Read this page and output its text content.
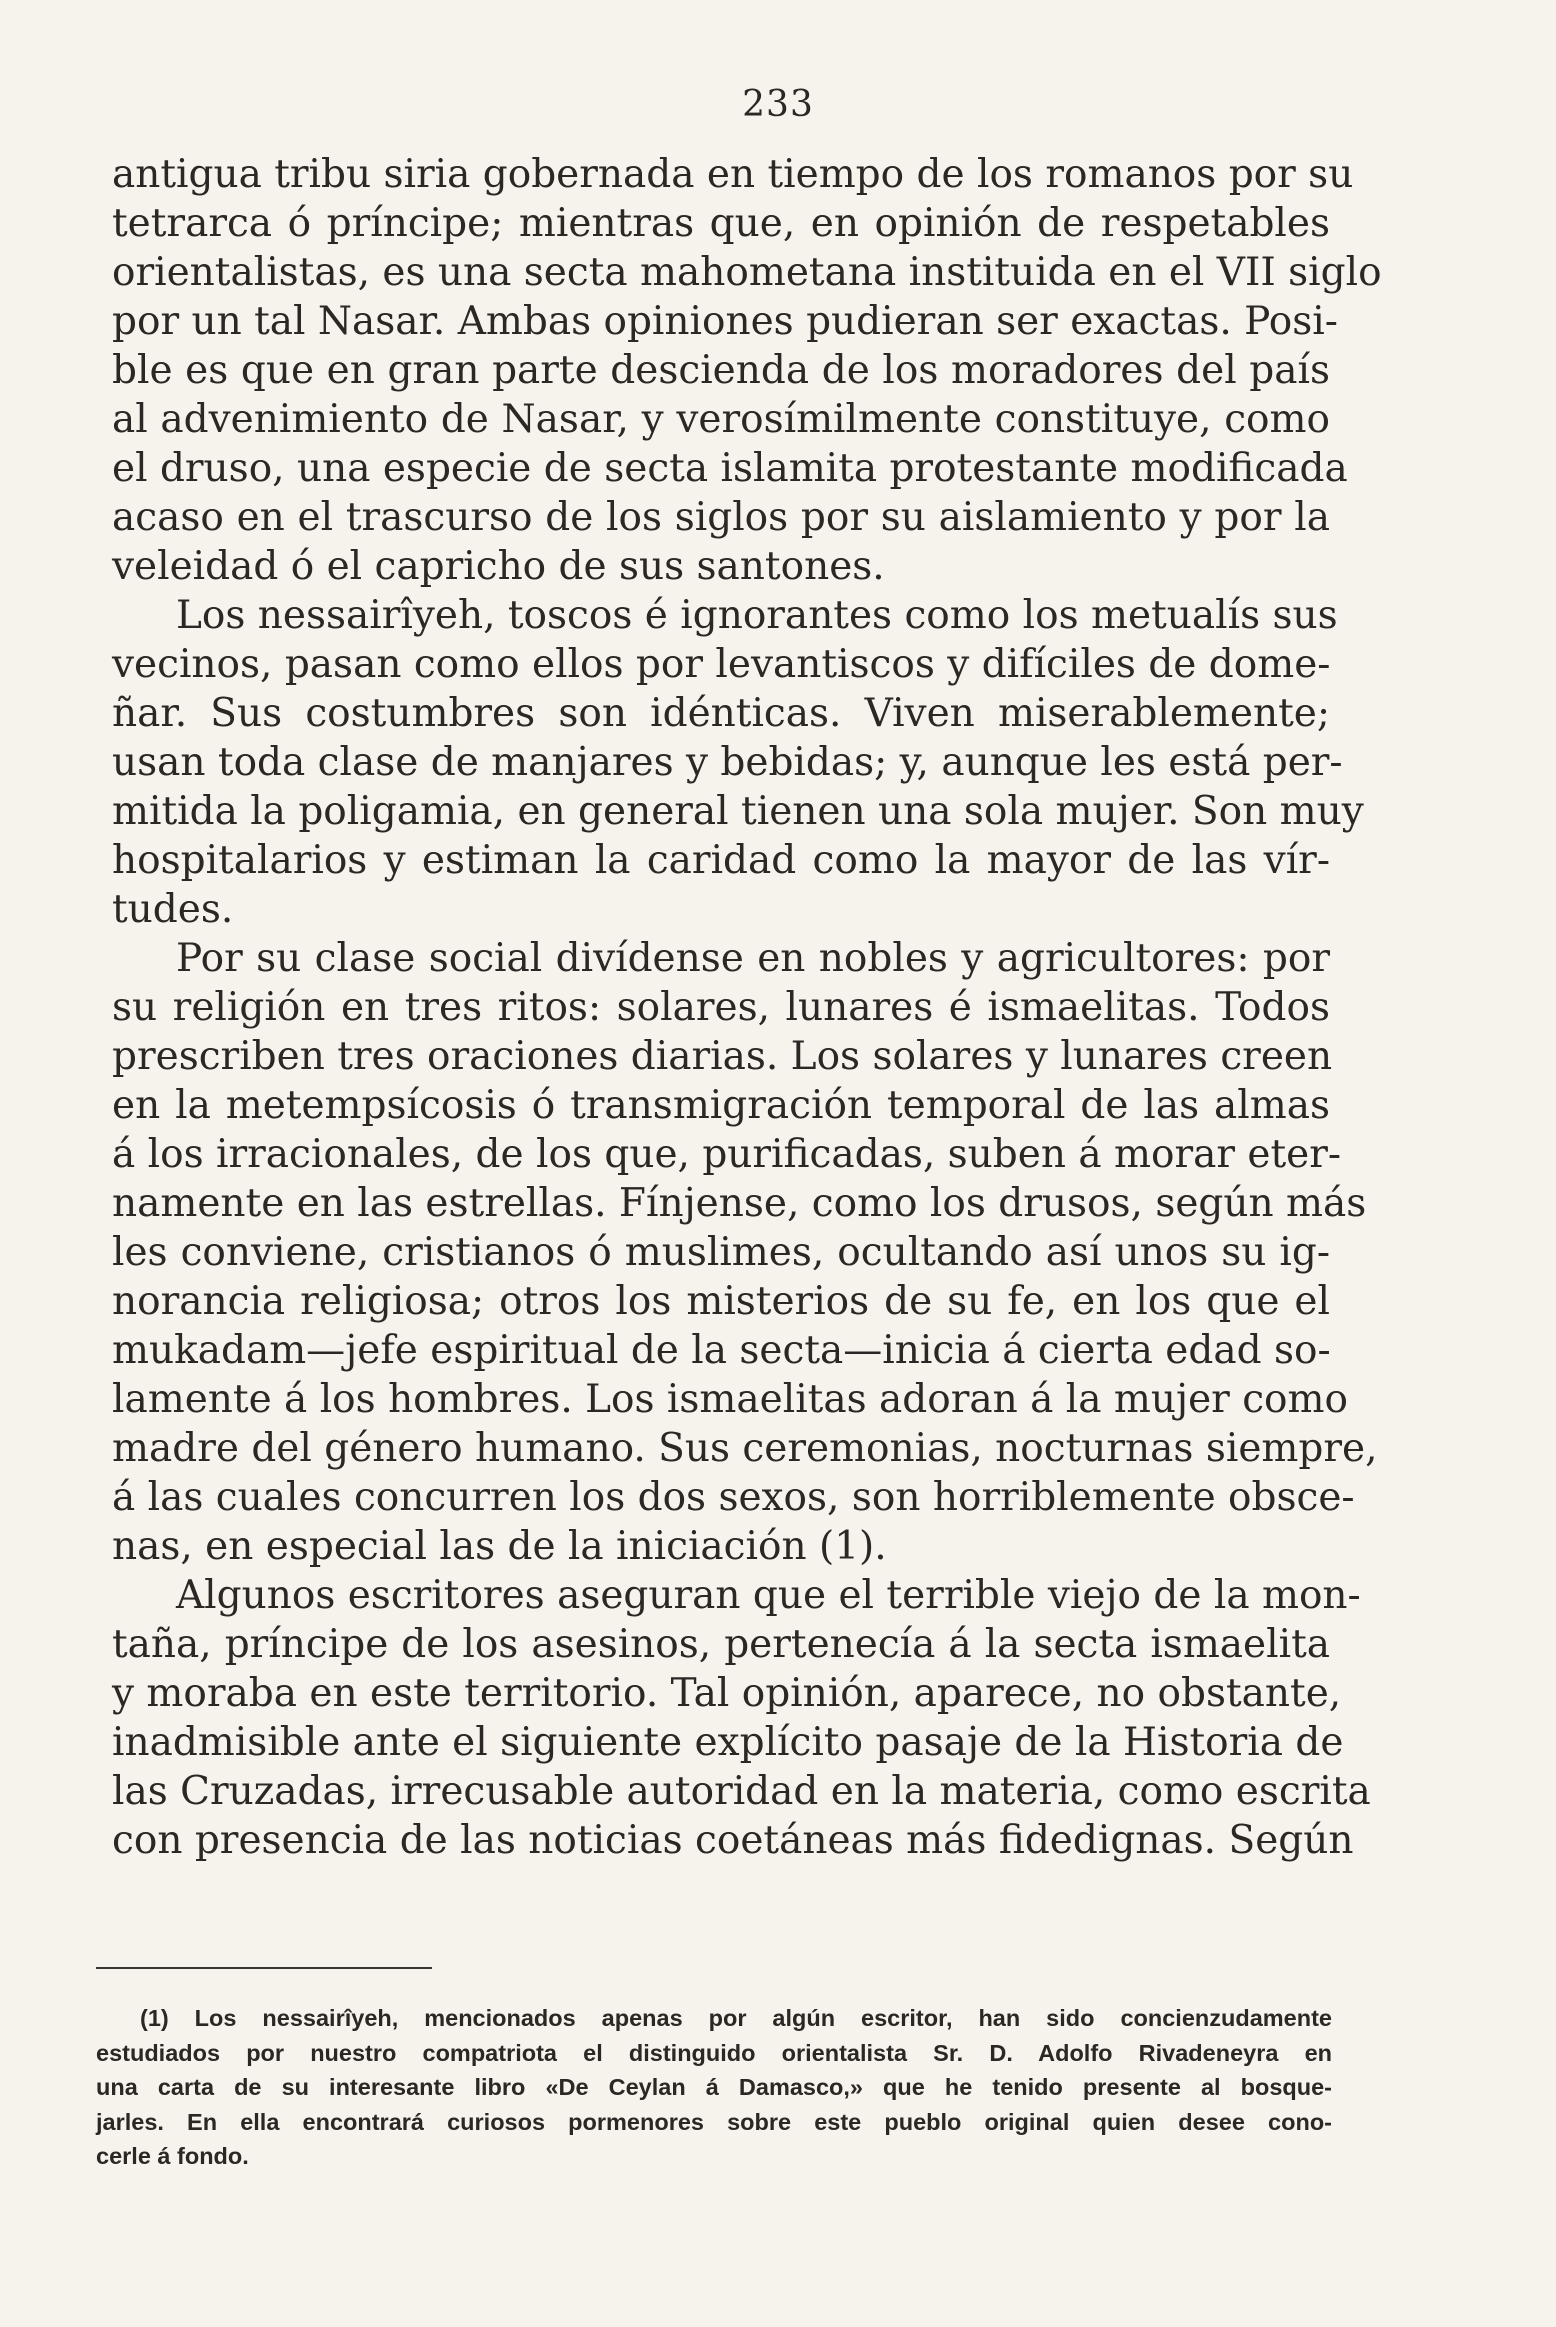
233
antigua tribu siria gobernada en tiempo de los romanos por su
tetrarca ó príncipe; mientras que, en opinión de respetables
orientalistas, es una secta mahometana instituida en el VII siglo
por un tal Nasar. Ambas opiniones pudieran ser exactas. Posi-
ble es que en gran parte descienda de los moradores del país
al advenimiento de Nasar, y verosímilmente constituye, como
el druso, una especie de secta islamita protestante modificada
acaso en el trascurso de los siglos por su aislamiento y por la
veleidad ó el capricho de sus santones.
Los nessairîyeh, toscos é ignorantes como los metualís sus
vecinos, pasan como ellos por levantiscos y difíciles de dome-
ñar. Sus costumbres son idénticas. Viven miserablemente;
usan toda clase de manjares y bebidas; y, aunque les está per-
mitida la poligamia, en general tienen una sola mujer. Son muy
hospitalarios y estiman la caridad como la mayor de las vír-
tudes.
Por su clase social divídense en nobles y agricultores: por
su religión en tres ritos: solares, lunares é ismaelitas. Todos
prescriben tres oraciones diarias. Los solares y lunares creen
en la metempsícosis ó transmigración temporal de las almas
á los irracionales, de los que, purificadas, suben á morar eter-
namente en las estrellas. Fínjense, como los drusos, según más
les conviene, cristianos ó muslimes, ocultando así unos su ig-
norancia religiosa; otros los misterios de su fe, en los que el
mukadam—jefe espiritual de la secta—inicia á cierta edad so-
lamente á los hombres. Los ismaelitas adoran á la mujer como
madre del género humano. Sus ceremonias, nocturnas siempre,
á las cuales concurren los dos sexos, son horriblemente obsce-
nas, en especial las de la iniciación (1).
Algunos escritores aseguran que el terrible viejo de la mon-
taña, príncipe de los asesinos, pertenecía á la secta ismaelita
y moraba en este territorio. Tal opinión, aparece, no obstante,
inadmisible ante el siguiente explícito pasaje de la Historia de
las Cruzadas, irrecusable autoridad en la materia, como escrita
con presencia de las noticias coetáneas más fidedignas. Según
(1) Los nessairîyeh, mencionados apenas por algún escritor, han sido concienzudamente
estudiados por nuestro compatriota el distinguido orientalista Sr. D. Adolfo Rivadeneyra en
una carta de su interesante libro «De Ceylan á Damasco,» que he tenido presente al bosque-
jarles. En ella encontrará curiosos pormenores sobre este pueblo original quien desee cono-
cerle á fondo.
